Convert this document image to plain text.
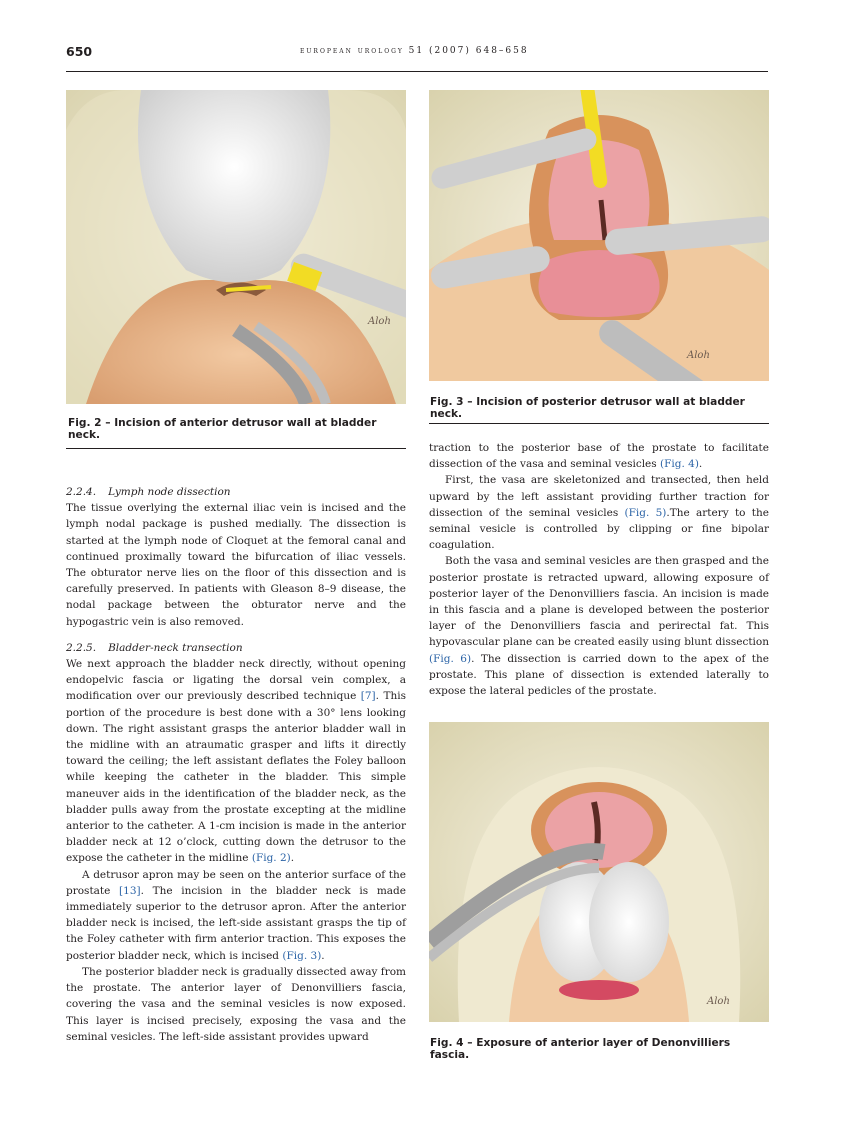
650	european urology 51 (2007) 648–658
Aloh
Fig. 2 – Incision of anterior detrusor wall at bladder neck.
Aloh
Fig. 3 – Incision of posterior detrusor wall at bladder neck.

2.2.4. Lymph node dissection

The tissue overlying the external iliac vein is incised and the lymph nodal package is pushed medially. The dissection is started at the lymph node of Cloquet at the femoral canal and continued proximally toward the bifurcation of iliac vessels. The obturator nerve lies on the floor of this dissection and is carefully preserved. In patients with Gleason 8–9 disease, the nodal package between the obturator nerve and the hypogastric vein is also removed.

2.2.5. Bladder-neck transection

We next approach the bladder neck directly, without opening endopelvic fascia or ligating the dorsal vein complex, a modification over our previously described technique [7]. This portion of the procedure is best done with a 30° lens looking down. The right assistant grasps the anterior bladder wall in the midline with an atraumatic grasper and lifts it directly toward the ceiling; the left assistant deflates the Foley balloon while keeping the catheter in the bladder. This simple maneuver aids in the identification of the bladder neck, as the bladder pulls away from the prostate excepting at the midline anterior to the catheter. A 1-cm incision is made in the anterior bladder neck at 12 o’clock, cutting down the detrusor to the expose the catheter in the midline (Fig. 2).

A detrusor apron may be seen on the anterior surface of the prostate [13]. The incision in the bladder neck is made immediately superior to the detrusor apron. After the anterior bladder neck is incised, the left-side assistant grasps the tip of the Foley catheter with firm anterior traction. This exposes the posterior bladder neck, which is incised (Fig. 3).

The posterior bladder neck is gradually dissected away from the prostate. The anterior layer of Denonvilliers fascia, covering the vasa and the seminal vesicles is now exposed. This layer is incised precisely, exposing the vasa and the seminal vesicles. The left-side assistant provides upward

traction to the posterior base of the prostate to facilitate dissection of the vasa and seminal vesicles (Fig. 4).

First, the vasa are skeletonized and transected, then held upward by the left assistant providing further traction for dissection of the seminal vesicles (Fig. 5).The artery to the seminal vesicle is controlled by clipping or fine bipolar coagulation.

Both the vasa and seminal vesicles are then grasped and the posterior prostate is retracted upward, allowing exposure of posterior layer of the Denonvilliers fascia. An incision is made in this fascia and a plane is developed between the posterior layer of the Denonvilliers fascia and perirectal fat. This hypovascular plane can be created easily using blunt dissection (Fig. 6). The dissection is carried down to the apex of the prostate. This plane of dissection is extended laterally to expose the lateral pedicles of the prostate.

Aloh
Fig. 4 – Exposure of anterior layer of Denonvilliers fascia.
